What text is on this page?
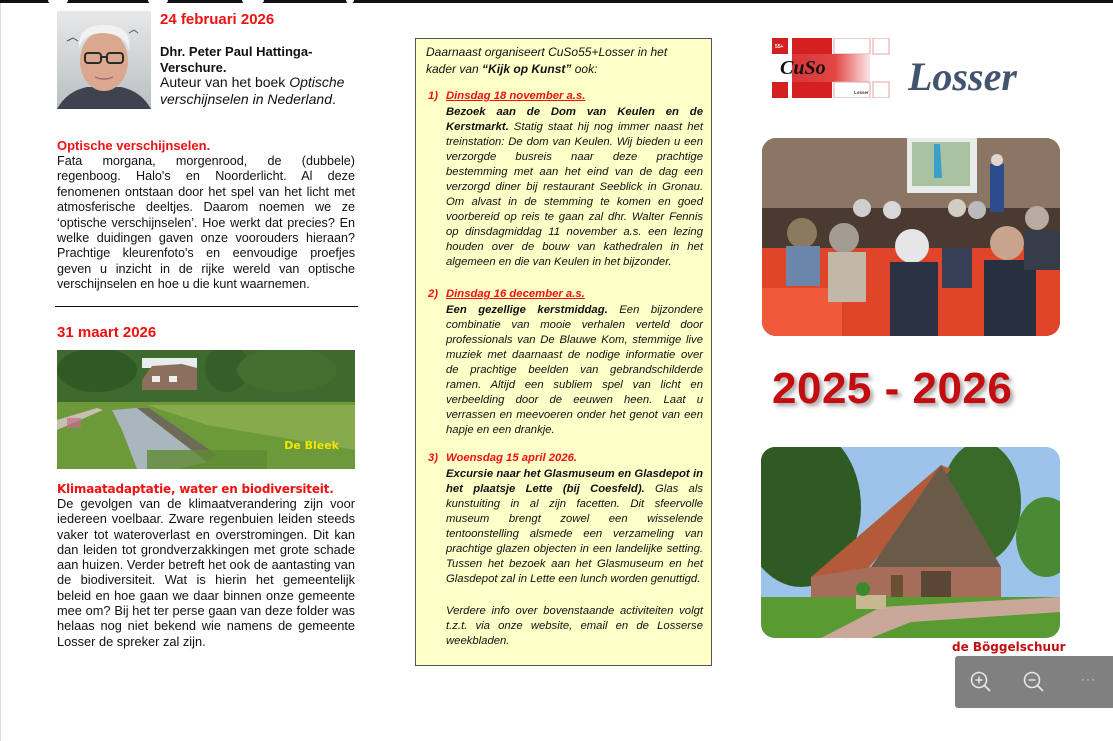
24 februari 2026
Dhr. Peter Paul Hattinga-
Verschure.
Auteur van het boek Optische verschijnselen in Nederland.
Optische verschijnselen.
Fata morgana, morgenrood, de (dubbele) regenboog. Halo's en Noorderlicht. Al deze fenomenen ontstaan door het spel van het licht met atmosferische deeltjes. Daarom noemen we ze ‘optische verschijnselen’. Hoe werkt dat precies? En welke duidingen gaven onze voorouders hieraan? Prachtige kleurenfoto's en eenvoudige proefjes geven u inzicht in de rijke wereld van optische verschijnselen en hoe u die kunt waarnemen.
31 maart 2026
De Bleek
Klimaatadaptatie, water en biodiversiteit.
De gevolgen van de klimaatverandering zijn voor iedereen voelbaar. Zware regenbuien leiden steeds vaker tot wateroverlast en overstromingen. Dit kan dan leiden tot grondverzakkingen met grote schade aan huizen. Verder betreft het ook de aantasting van de biodiversiteit. Wat is hierin het gemeentelijk beleid en hoe gaan we daar binnen onze gemeente mee om? Bij het ter perse gaan van deze folder was helaas nog niet bekend wie namens de gemeente Losser de spreker zal zijn.
Daarnaast organiseert CuSo55+Losser in het
kader van “Kijk op Kunst” ook:
1) Dinsdag 18 november a.s.
Bezoek aan de Dom van Keulen en de Kerstmarkt. Statig staat hij nog immer naast het treinstation: De dom van Keulen. Wij bieden u een verzorgde busreis naar deze prachtige bestemming met aan het eind van de dag een verzorgd diner bij restaurant Seeblick in Gronau. Om alvast in de stemming te komen en goed voorbereid op reis te gaan zal dhr. Walter Fennis op dinsdagmiddag 11 november a.s. een lezing houden over de bouw van kathedralen in het algemeen en die van Keulen in het bijzonder.
2) Dinsdag 16 december a.s.
Een gezellige kerstmiddag. Een bijzondere combinatie van mooie verhalen verteld door professionals van De Blauwe Kom, stemmige live muziek met daarnaast de nodige informatie over de prachtige beelden van gebrandschilderde ramen. Altijd een subliem spel van licht en verbeelding door de eeuwen heen. Laat u verrassen en meevoeren onder het genot van een hapje en een drankje.
3) Woensdag 15 april 2026.
Excursie naar het Glasmuseum en Glasdepot in het plaatsje Lette (bij Coesfeld). Glas als kunstuiting in al zijn facetten. Dit sfeervolle museum brengt zowel een wisselende tentoonstelling alsmede een verzameling van prachtige glazen objecten in een landelijke setting. Tussen het bezoek aan het Glasmuseum en het Glasdepot zal in Lette een lunch worden genuttigd.
Verdere info over bovenstaande activiteiten volgt t.z.t. via onze website, email en de Losserse weekbladen.
55+
CuSo
Losser Losser
2025 - 2026
de Böggelschuur
···
